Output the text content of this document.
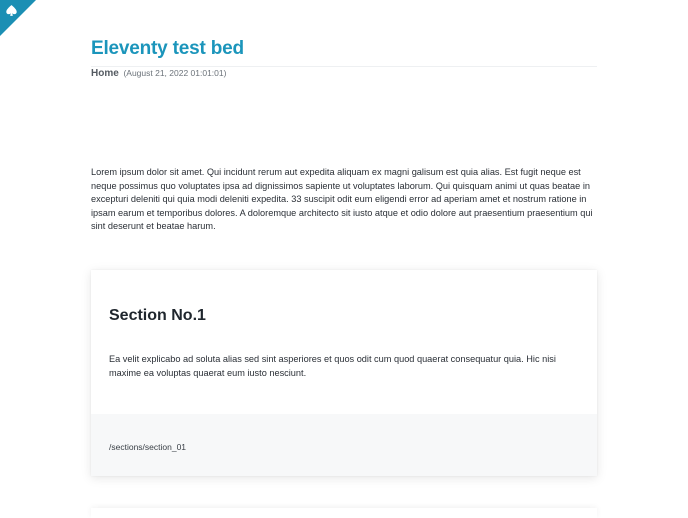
Eleventy test bed
Home (August 21, 2022 01:01:01)

Lorem ipsum dolor sit amet. Qui incidunt rerum aut expedita aliquam ex magni galisum est quia alias. Est fugit neque est neque possimus quo voluptates ipsa ad dignissimos sapiente ut voluptates laborum. Qui quisquam animi ut quas beatae in excepturi deleniti qui quia modi deleniti expedita. 33 suscipit odit eum eligendi error ad aperiam amet et nostrum ratione in ipsam earum et temporibus dolores. A doloremque architecto sit iusto atque et odio dolore aut praesentium praesentium qui sint deserunt et beatae harum.

Section No.1

Ea velit explicabo ad soluta alias sed sint asperiores et quos odit cum quod quaerat consequatur quia. Hic nisi maxime ea voluptas quaerat eum iusto nesciunt.

/sections/section_01
